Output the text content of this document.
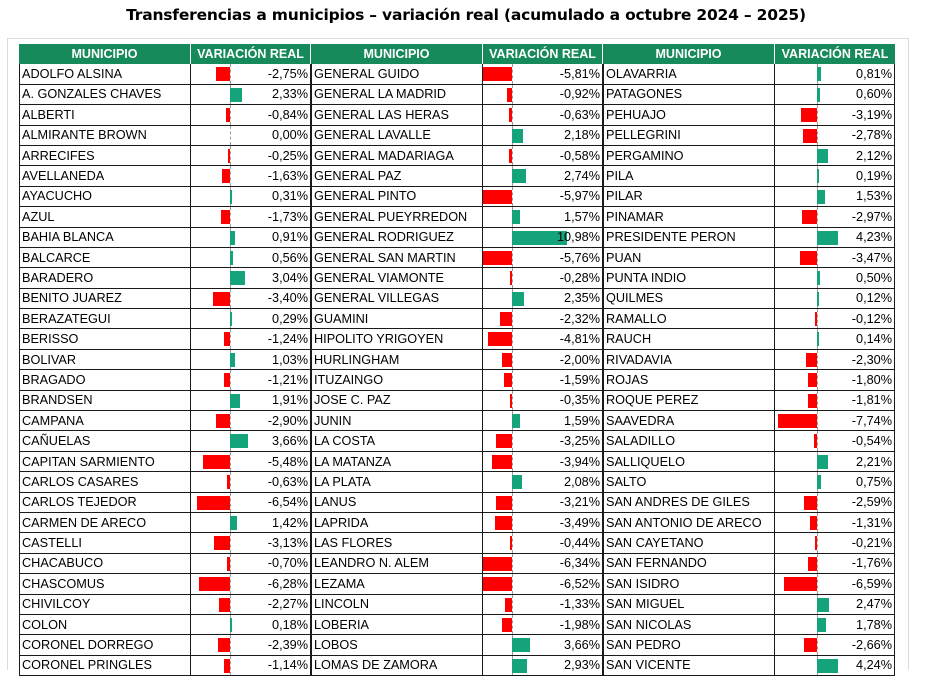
Transferencias a municipios – variación real (acumulado a octubre 2024 – 2025)
MUNICIPIO	VARIACIÓN REAL	MUNICIPIO	VARIACIÓN REAL	MUNICIPIO	VARIACIÓN REAL
ADOLFO ALSINA	-2,75% GENERAL GUIDO	-5,81% OLAVARRIA	0,81%
A. GONZALES CHAVES	2,33% GENERAL LA MADRID	-0,92% PATAGONES	0,60%
ALBERTI	-0,84% GENERAL LAS HERAS	-0,63% PEHUAJO	-3,19%
ALMIRANTE BROWN	0,00% GENERAL LAVALLE	2,18% PELLEGRINI	-2,78%
ARRECIFES	-0,25% GENERAL MADARIAGA	-0,58% PERGAMINO	2,12%
AVELLANEDA	-1,63% GENERAL PAZ	2,74% PILA	0,19%
AYACUCHO	0,31% GENERAL PINTO	-5,97% PILAR	1,53%
AZUL	-1,73% GENERAL PUEYRREDON	1,57% PINAMAR	-2,97%
BAHIA BLANCA	0,91% GENERAL RODRIGUEZ	10,98% PRESIDENTE PERON	4,23%
BALCARCE	0,56% GENERAL SAN MARTIN	-5,76% PUAN	-3,47%
BARADERO	3,04% GENERAL VIAMONTE	-0,28% PUNTA INDIO	0,50%
BENITO JUAREZ	-3,40% GENERAL VILLEGAS	2,35% QUILMES	0,12%
BERAZATEGUI	0,29% GUAMINI	-2,32% RAMALLO	-0,12%
BERISSO	-1,24% HIPOLITO YRIGOYEN	-4,81% RAUCH	0,14%
BOLIVAR	1,03% HURLINGHAM	-2,00% RIVADAVIA	-2,30%
BRAGADO	-1,21% ITUZAINGO	-1,59% ROJAS	-1,80%
BRANDSEN	1,91% JOSE C. PAZ	-0,35% ROQUE PEREZ	-1,81%
CAMPANA	-2,90% JUNIN	1,59% SAAVEDRA	-7,74%
CAÑUELAS	3,66% LA COSTA	-3,25% SALADILLO	-0,54%
CAPITAN SARMIENTO	-5,48% LA MATANZA	-3,94% SALLIQUELO	2,21%
CARLOS CASARES	-0,63% LA PLATA	2,08% SALTO	0,75%
CARLOS TEJEDOR	-6,54% LANUS	-3,21% SAN ANDRES DE GILES	-2,59%
CARMEN DE ARECO	1,42% LAPRIDA	-3,49% SAN ANTONIO DE ARECO	-1,31%
CASTELLI	-3,13% LAS FLORES	-0,44% SAN CAYETANO	-0,21%
CHACABUCO	-0,70% LEANDRO N. ALEM	-6,34% SAN FERNANDO	-1,76%
CHASCOMUS	-6,28% LEZAMA	-6,52% SAN ISIDRO	-6,59%
CHIVILCOY	-2,27% LINCOLN	-1,33% SAN MIGUEL	2,47%
COLON	0,18% LOBERIA	-1,98% SAN NICOLAS	1,78%
CORONEL DORREGO	-2,39% LOBOS	3,66% SAN PEDRO	-2,66%
CORONEL PRINGLES	-1,14% LOMAS DE ZAMORA	2,93% SAN VICENTE	4,24%
